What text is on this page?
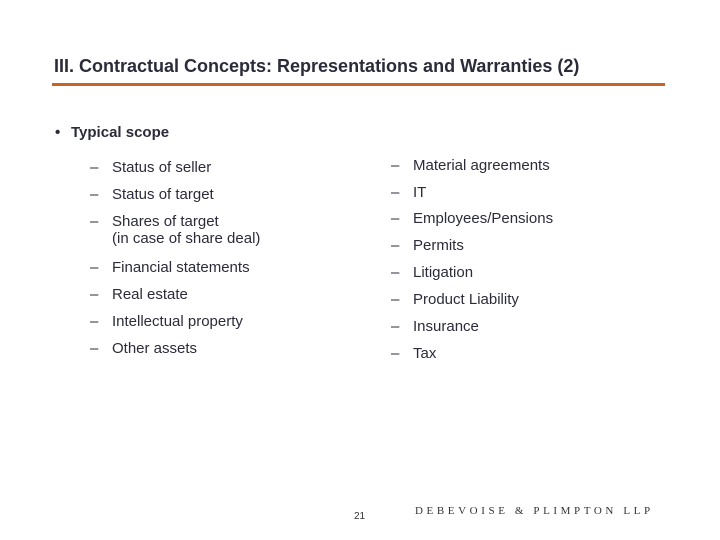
III. Contractual Concepts: Representations and Warranties (2)
• Typical scope
– Status of seller
– Status of target
– Shares of target
(in case of share deal)
– Financial statements
– Real estate
– Intellectual property
– Other assets
– Material agreements
– IT
– Employees/Pensions
– Permits
– Litigation
– Product Liability
– Insurance
– Tax
21	DEBEVOISE & PLIMPTON LLP
